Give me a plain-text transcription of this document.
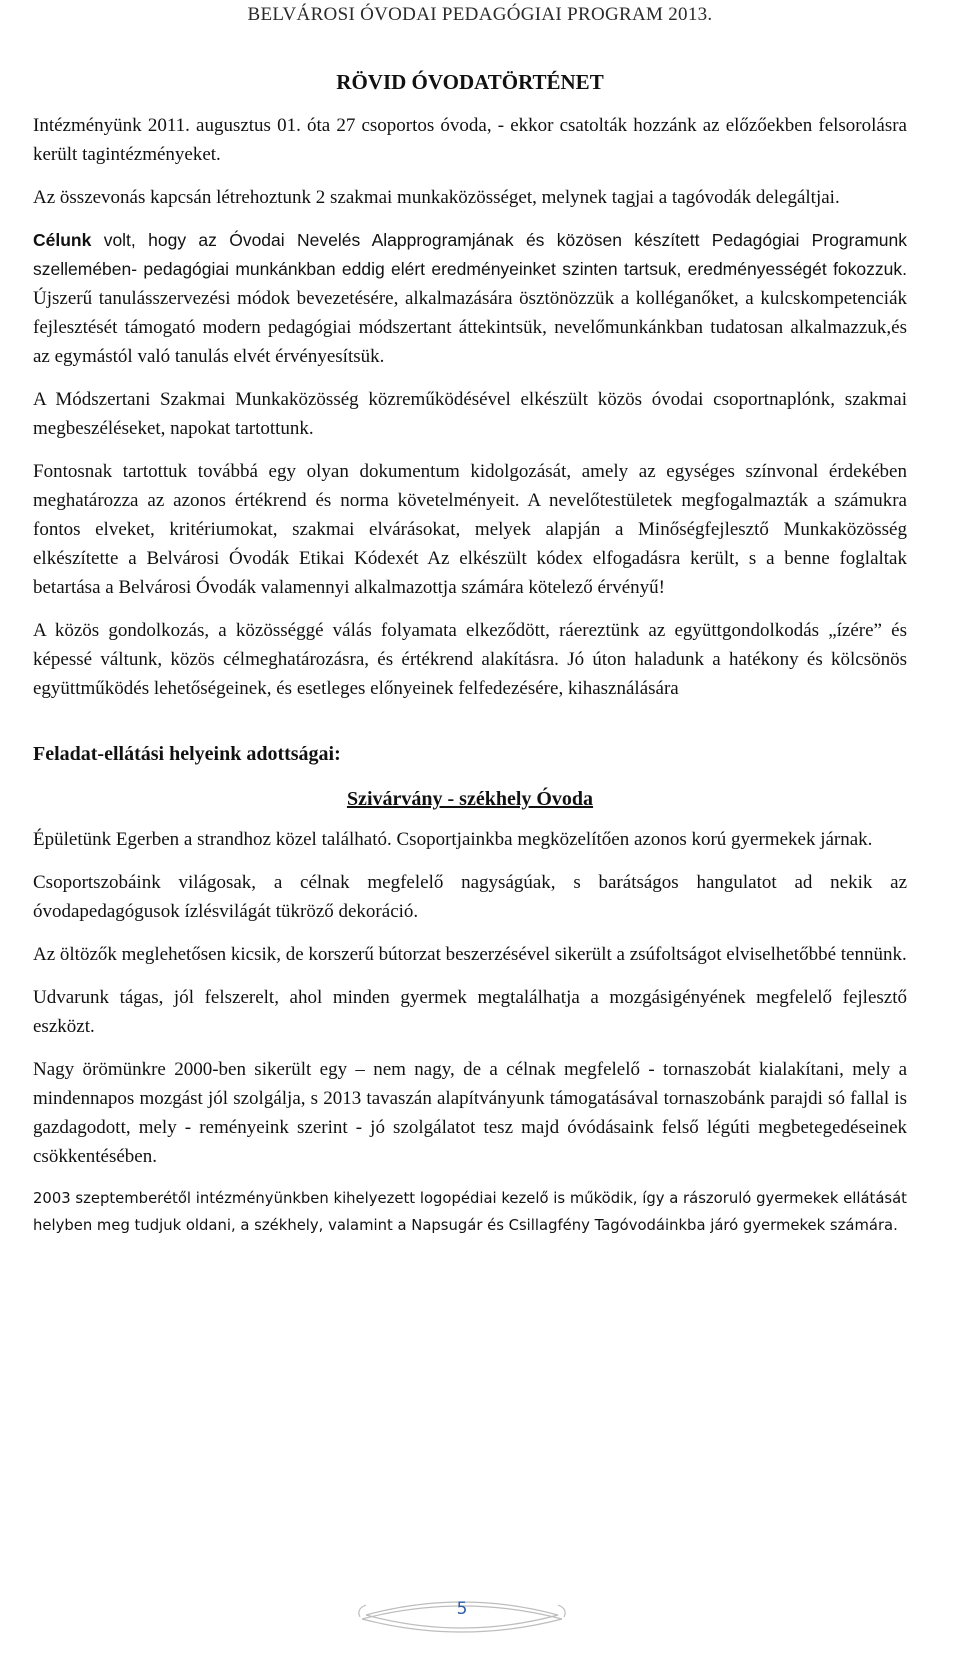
BELVÁROSI ÓVODAI PEDAGÓGIAI PROGRAM 2013.
RÖVID ÓVODATÖRTÉNET

Intézményünk 2011. augusztus 01. óta 27 csoportos óvoda, - ekkor csatolták hozzánk az előzőekben felsorolásra került tagintézményeket.

Az összevonás kapcsán létrehoztunk 2 szakmai munkaközösséget, melynek tagjai a tagóvodák delegáltjai.

Célunk volt, hogy az Óvodai Nevelés Alapprogramjának és közösen készített Pedagógiai Programunk szellemében- pedagógiai munkánkban eddig elért eredményeinket szinten tartsuk, eredményességét fokozzuk. Újszerű tanulásszervezési módok bevezetésére, alkalmazására ösztönözzük a kolléganőket, a kulcskompetenciák fejlesztését támogató modern pedagógiai módszertant áttekintsük, nevelőmunkánkban tudatosan alkalmazzuk,és az egymástól való tanulás elvét érvényesítsük.

A Módszertani Szakmai Munkaközösség közreműködésével elkészült közös óvodai csoportnaplónk, szakmai megbeszéléseket, napokat tartottunk.

Fontosnak tartottuk továbbá egy olyan dokumentum kidolgozását, amely az egységes színvonal érdekében meghatározza az azonos értékrend és norma követelményeit. A nevelőtestületek megfogalmazták a számukra fontos elveket, kritériumokat, szakmai elvárásokat, melyek alapján a Minőségfejlesztő Munkaközösség elkészítette a Belvárosi Óvodák Etikai Kódexét Az elkészült kódex elfogadásra került, s a benne foglaltak betartása a Belvárosi Óvodák valamennyi alkalmazottja számára kötelező érvényű!

A közös gondolkozás, a közösséggé válás folyamata elkeződött, ráereztünk az együttgondolkodás „ízére” és képessé váltunk, közös célmeghatározásra, és értékrend alakításra. Jó úton haladunk a hatékony és kölcsönös együttműködés lehetőségeinek, és esetleges előnyeinek felfedezésére, kihasználására

Feladat-ellátási helyeink adottságai:
Szivárvány - székhely Óvoda

Épületünk Egerben a strandhoz közel található. Csoportjainkba megközelítően azonos korú gyermekek járnak.

Csoportszobáink világosak, a célnak megfelelő nagyságúak, s barátságos hangulatot ad nekik az óvodapedagógusok ízlésvilágát tükröző dekoráció.

Az öltözők meglehetősen kicsik, de korszerű bútorzat beszerzésével sikerült a zsúfoltságot elviselhetőbbé tennünk.

Udvarunk tágas, jól felszerelt, ahol minden gyermek megtalálhatja a mozgásigényének megfelelő fejlesztő eszközt.

Nagy örömünkre 2000-ben sikerült egy – nem nagy, de a célnak megfelelő - tornaszobát kialakítani, mely a mindennapos mozgást jól szolgálja, s 2013 tavaszán alapítványunk támogatásával tornaszobánk parajdi só fallal is gazdagodott, mely - reményeink szerint - jó szolgálatot tesz majd óvódásaink felső légúti megbetegedéseinek csökkentésében.

2003 szeptemberétől intézményünkben kihelyezett logopédiai kezelő is működik, így a rászoruló gyermekek ellátását helyben meg tudjuk oldani, a székhely, valamint a Napsugár és Csillagfény Tagóvodáinkba járó gyermekek számára.

5
